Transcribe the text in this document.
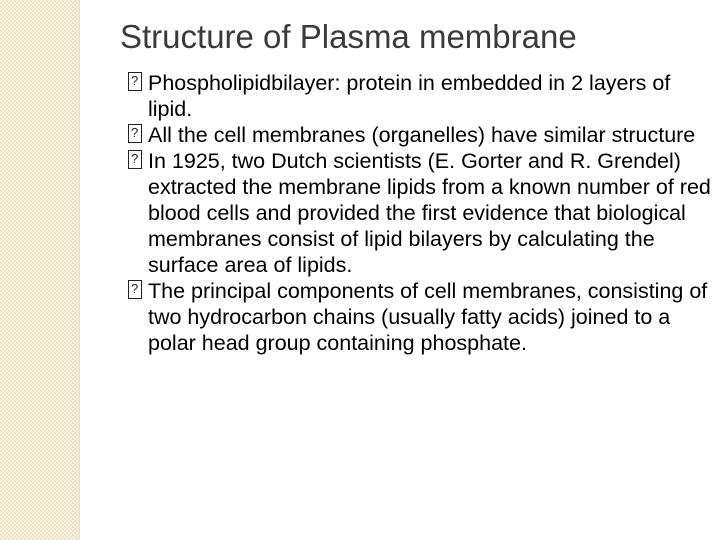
Structure of Plasma membrane
?
Phospholipidbilayer: protein in embedded in 2 layers of lipid.
?
All the cell membranes (organelles) have similar structure
?
In 1925, two Dutch scientists (E. Gorter and R. Grendel) extracted the membrane lipids from a known number of red blood cells and provided the first evidence that biological membranes consist of lipid bilayers by calculating the surface area of lipids.
?
The principal components of cell membranes, consisting of two hydrocarbon chains (usually fatty acids) joined to a polar head group containing phosphate.
